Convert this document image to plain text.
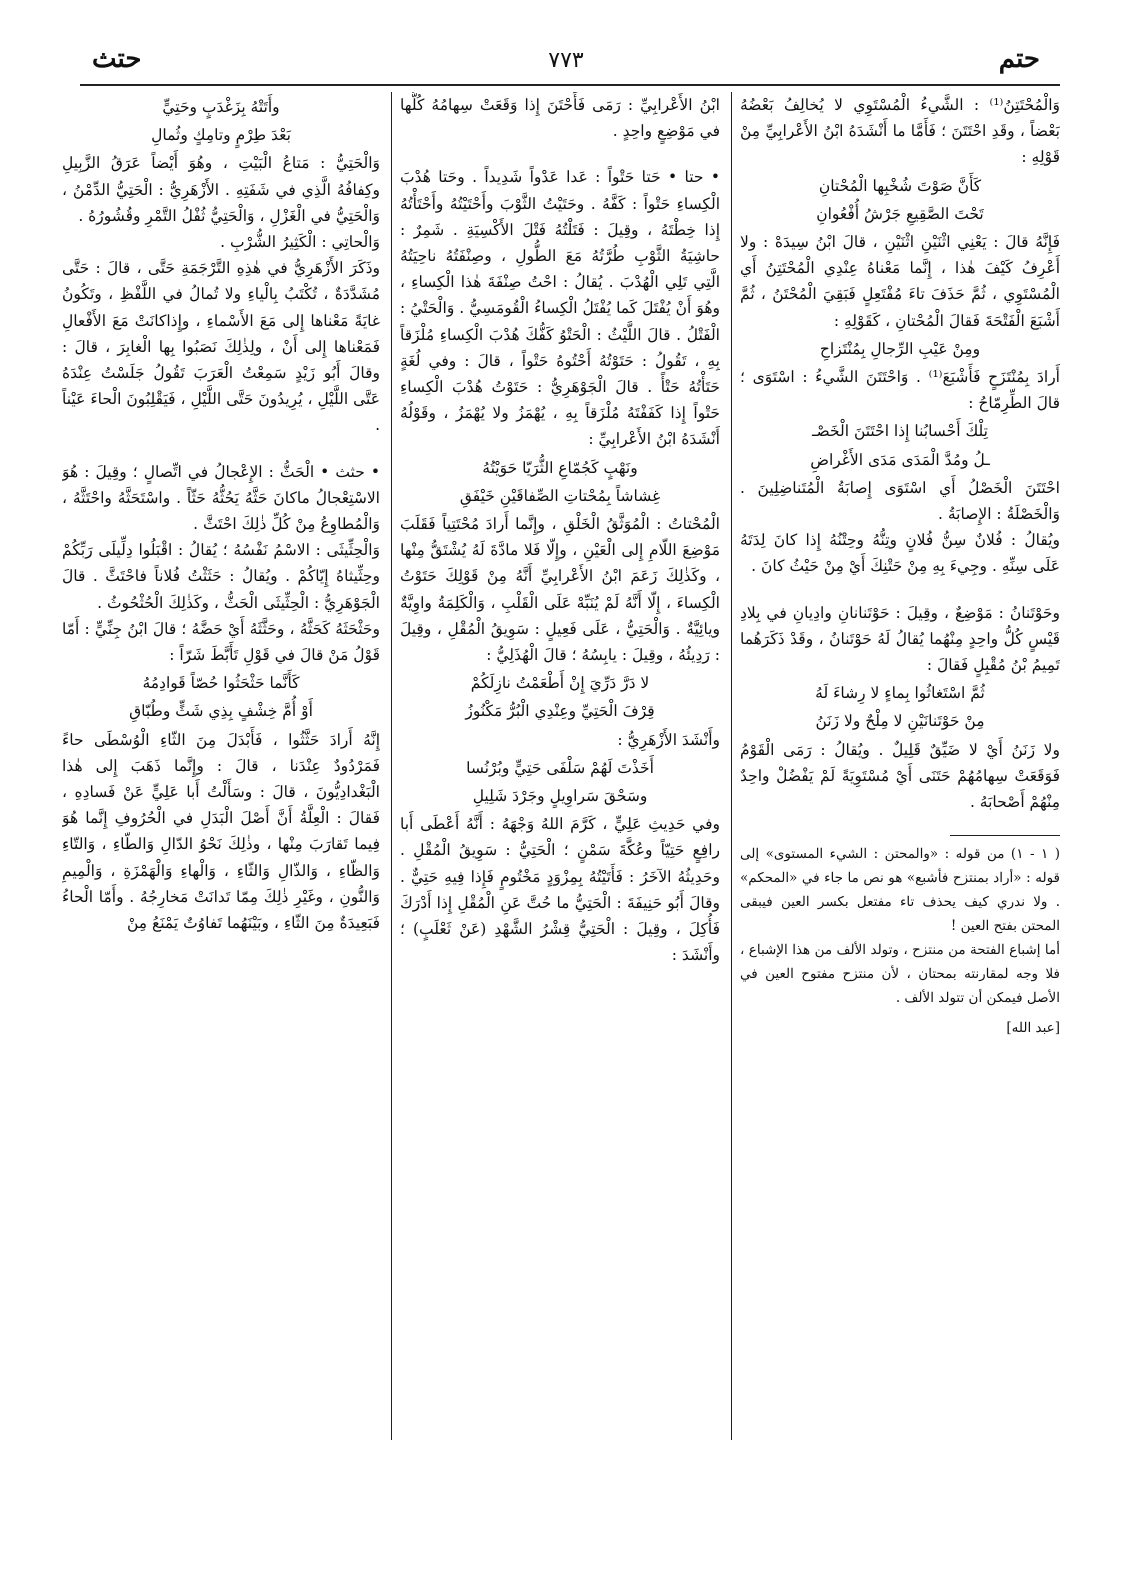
حتم
٧٧٣
حتث

وَالْمُحْتَتِنُ⁽¹⁾ : الشَّيءُ الْمُسْتَوِي لا يُخالِفُ بَعْضُهُ بَعْضاً ، وقَدِ احْتَتَنَ ؛ فَأَمَّا ما أَنْشَدَهُ ابْنُ الأَعْرابِيِّ مِنْ قَوْلِهِ :

كَأَنَّ صَوْتَ شُخْبِها الْمُحْتانِ

تَحْتَ الصَّقِيعِ جَرْشُ أُفْعُوانِ

فَإِنَّهُ قالَ : يَعْنِي اثْنَيْنِ اثْنَيْنِ ، قالَ ابْنُ سِيدَهْ : ولا أَعْرِفُ كَيْفَ هٰذا ، إِنَّما مَعْناهُ عِنْدِي الْمُحْتَتِنُ أَي الْمُسْتَوِي ، ثُمَّ حَذَفَ تاءَ مُفْتَعِلٍ فَبَقِيَ الْمُحْتَنُ ، ثُمَّ أَشْبَعَ الْفَتْحَةَ فَقالَ الْمُحْتانِ ، كَقَوْلِهِ :

ومِنْ عَيْبِ الرِّجالِ بِمُنْتَزاحِ

أَرادَ بِمُنْتَزَحٍ فَأَشْبَعَ⁽¹⁾ . وَاحْتَتَنَ الشَّيءُ : اسْتَوَى ؛ قالَ الطِّرِمّاحُ :

تِلْكَ أَحْسابُنا إِذا احْتَتَنَ الْخَصْـ

ـلُ ومُدَّ الْمَدَى مَدَى الأَغْراضِ

احْتَتَنَ الْخَصْلُ أَي اسْتَوَى إِصابَةُ الْمُتَناضِلِينَ . وَالْخَصْلَةُ : الإِصابَةُ .

ويُقالُ : فُلانٌ سِنُّ فُلانٍ وتِنُّهُ وحِتْنُهُ إِذا كانَ لِدَتَهُ عَلَى سِنِّهِ . وجِيءَ بِهِ مِنْ حَتْنِكَ أَيْ مِنْ حَيْثُ كانَ .

وحَوْتَنانُ : مَوْضِعٌ ، وقِيلَ : حَوْتَنانانِ وادِيانِ في بِلادِ قَيْسٍ كُلُّ واحِدٍ مِنْهُما يُقالُ لَهُ حَوْتَنانُ ، وقَدْ ذَكَرَهُما تَمِيمُ بْنُ مُقْبِلٍ فَقالَ :

ثُمَّ اسْتَغاثُوا بِماءٍ لا رِشاءَ لَهُ

مِنْ حَوْتَنانَيْنِ لا مِلْحٌ ولا زَنَنُ

ولا زَنَنُ أَيْ لا ضَيِّقٌ قَلِيلٌ . ويُقالُ : رَمَى الْقَوْمُ فَوَقَعَتْ سِهامُهُمْ حَتَنَى أَيْ مُسْتَوِيَةً لَمْ يَفْضُلْ واحِدٌ مِنْهُمْ أَصْحابَهُ .

( ١ - ١) من قوله : «والمحتن : الشيء المستوى» إلى قوله : «أراد بمنتزح فأشبع» هو نص ما جاء في «المحكم» . ولا ندري كيف يحذف تاء مفتعل بكسر العين فيبقى المحتن بفتح العين !

أما إشباع الفتحة من منتزح ، وتولد الألف من هذا الإشباع ، فلا وجه لمقارنته بمحتان ، لأن منتزح مفتوح العين في الأصل فيمكن أن تتولد الألف .

[عبد الله]

ابْنُ الأَعْرابِيِّ : رَمَى فَأَحْتَنَ إِذا وَقَعَتْ سِهامُهُ كُلُّها في مَوْضِعٍ واحِدٍ .

• حتا • حَتا حَتْواً : عَدا عَدْواً شَدِيداً . وحَتا هُدْبَ الْكِساءِ حَتْواً : كَفَّهُ . وحَتَيْتُ الثَّوْبَ وأَحْتَيْتُهُ وأَحْتَأْتُهُ إِذا خِطْتَهُ ، وقِيلَ : فَتَلْتُهُ فَتْلَ الأَكْسِيَةِ . شَمِرٌ : حاشِيَةُ الثَّوْبِ طُرَّتُهُ مَعَ الطُّولِ ، وصِنْفَتُهُ ناحِيَتُهُ الَّتِي تَلِي الْهُدْبَ . يُقالُ : احْتُ صِنْفَةَ هٰذا الْكِساءِ ، وهُوَ أَنْ يُفْتَلَ كَما يُفْتَلُ الْكِساءُ الْقُومَسِيُّ . وَالْحَتْيُ : الْفَتْلُ . قالَ اللَّيْثُ : الْحَتْوُ كَفُّكَ هُدْبَ الْكِساءِ مُلْزَقاً بِهِ ، تَقُولُ : حَتَوْتُهُ أَحْتُوهُ حَتْواً ، قالَ : وفي لُغَةٍ حَتَأْتُهُ حَتْأً . قالَ الْجَوْهَرِيُّ : حَتَوْتُ هُدْبَ الْكِساءِ حَتْواً إِذا كَفَفْتَهُ مُلْزَقاً بِهِ ، يُهْمَزُ ولا يُهْمَزُ ، وقَوْلُهُ أَنْشَدَهُ ابْنُ الأَعْرابِيِّ :

ونَهْبٍ كَجُمّاعِ الثُّرَيّا حَوَيْتُهُ

غِشاشاً بِمُحْتاتِ الصِّفاقَيْنِ خَيْفَقِ

الْمُحْتاتُ : الْمُوَثَّقُ الْخَلْقِ ، وإِنَّما أَرادَ مُحْتَتِياً فَقَلَبَ مَوْضِعَ اللّامِ إِلى الْعَيْنِ ، وإِلّا فَلا مادَّةَ لَهُ يُشْتَقُّ مِنْها ، وكَذٰلِكَ زَعَمَ ابْنُ الأَعْرابِيِّ أَنَّهُ مِنْ قَوْلِكَ حَتَوْتُ الْكِساءَ ، إِلّا أَنَّهُ لَمْ يُنَبِّهْ عَلَى الْقَلْبِ ، وَالْكَلِمَةُ واوِيَّةٌ ويائِيَّةٌ . وَالْحَتِيُّ ، عَلَى فَعِيلٍ : سَوِيقُ الْمُقْلِ ، وقِيلَ : رَدِيئُهُ ، وقِيلَ : يابِسُهُ ؛ قالَ الْهُذَلِيُّ :

لا دَرَّ دَرِّيَ إِنْ أَطْعَمْتُ نازِلَكُمْ

قِرْفَ الْحَتِيِّ وعِنْدِي الْبُرُّ مَكْنُوزُ

وأَنْشَدَ الأَزْهَرِيُّ :

أَخَذْتَ لَهُمْ سَلْفَى حَتِيٍّ وبُرْنُسا

وسَحْقَ سَراوِيلٍ وجَرْدَ شَلِيلِ

وفي حَدِيثِ عَلِيٍّ ، كَرَّمَ اللهُ وَجْهَهُ : أَنَّهُ أَعْطَى أَبا رافِعٍ حَتِيّاً وعُكَّةَ سَمْنٍ ؛ الْحَتِيُّ : سَوِيقُ الْمُقْلِ . وحَدِيثُهُ الآخَرُ : فَأَتَيْتُهُ بِمِزْوَدٍ مَخْتُومٍ فَإِذا فِيهِ حَتِيٌّ . وقالَ أَبُو حَنِيفَةَ : الْحَتِيُّ ما حُتَّ عَنِ الْمُقْلِ إِذا أَدْرَكَ فَأُكِلَ ، وقِيلَ : الْحَتِيُّ قِشْرُ الشَّهْدِ (عَنْ ثَعْلَبٍ) ؛ وأَنْشَدَ :

وأَتَتْهُ بِزَغْدَبٍ وحَتِيٍّ

بَعْدَ طِرْمٍ وتامِكٍ وثُمالِ

وَالْحَتِيُّ : مَتاعُ الْبَيْتِ ، وهُوَ أَيْضاً عَرَقُ الزَّبِيلِ وكِفافُهُ الَّذِي في شَفَتِهِ . الأَزْهَرِيُّ : الْحَتِيُّ الدِّمْنُ ، وَالْحَتِيُّ في الْغَزْلِ ، وَالْحَتِيُّ ثُفْلُ التَّمْرِ وقُشُورُهُ .

وَالْحاتِي : الْكَثِيرُ الشُّرْبِ .

وذَكَرَ الأَزْهَرِيُّ في هٰذِهِ التَّرْجَمَةِ حَتَّى ، قالَ : حَتَّى مُشَدَّدَةٌ ، تُكْتَبُ بِالْياءِ ولا تُمالُ في اللَّفْظِ ، وتَكُونُ غايَةً مَعْناها إِلى مَعَ الأَسْماءِ ، وإِذاكانَتْ مَعَ الأَفْعالِ فَمَعْناها إِلى أَنْ ، ولِذٰلِكَ نَصَبُوا بِها الْغابِرَ ، قالَ : وقالَ أَبُو زَيْدٍ سَمِعْتُ الْعَرَبَ تَقُولُ جَلَسْتُ عِنْدَهُ عَتَّى اللَّيْلِ ، يُرِيدُونَ حَتَّى اللَّيْلِ ، فَيَقْلِبُونَ الْحاءَ عَيْناً .

• حثث • الْحَثُّ : الإِعْجالُ في اتِّصالٍ ؛ وقِيلَ : هُوَ الاسْتِعْجالُ ماكانَ حَثَّهُ يَحُثُّهُ حَثّاً . واسْتَحَثَّهُ واحْتَثَّهُ ، وَالْمُطاوِعُ مِنْ كُلِّ ذٰلِكَ احْتَثَّ .

وَالْحِثِّيثَى : الاسْمُ نَفْسُهُ ؛ يُقالُ : اقْبَلُوا دِلِّيلَى رَبِّكُمْ وحِثِّيثاهُ إِيّاكُمْ . ويُقالُ : حَثَثْتُ فُلاناً فاحْتَثَّ . قالَ الْجَوْهَرِيُّ : الْحِثِّيثَى الْحَثُّ ، وكَذٰلِكَ الْحُثْحُوثُ .

وحَثْحَثَهُ كَحَثَّهُ ، وحَثَّثَهُ أَيْ حَضَّهُ ؛ قالَ ابْنُ جِنِّيٍّ : أَمّا قَوْلُ مَنْ قالَ في قَوْلِ تَأَبَّطَ شَرّاً :

كَأَنَّما حَثْحَثُوا حُصّاً قَوادِمُهُ

أَوْ أُمَّ خِشْفٍ بِذِي شَثٍّ وطُبّاقِ

إِنَّهُ أَرادَ حَثَّثُوا ، فَأَبْدَلَ مِنَ الثّاءِ الْوُسْطَى حاءً فَمَرْدُودٌ عِنْدَنا ، قالَ : وإِنَّما ذَهَبَ إِلى هٰذا الْبَغْدادِيُّونَ ، قالَ : وسَأَلْتُ أَبا عَلِيٍّ عَنْ فَسادِهِ ، فَقالَ : الْعِلَّةُ أَنَّ أَصْلَ الْبَدَلِ في الْحُرُوفِ إِنَّما هُوَ فِيما تَقارَبَ مِنْها ، وذٰلِكَ نَحْوُ الدّالِ وَالطّاءِ ، وَالتّاءِ وَالظّاءِ ، وَالذّالِ وَالثّاءِ ، وَالْهاءِ وَالْهَمْزَةِ ، وَالْمِيمِ وَالنُّونِ ، وغَيْرِ ذٰلِكَ مِمّا تَدانَتْ مَخارِجُهُ . وأَمّا الْحاءُ فَبَعِيدَةٌ مِنَ الثّاءِ ، وبَيْنَهُما تَفاوُتٌ يَمْنَعُ مِنْ
